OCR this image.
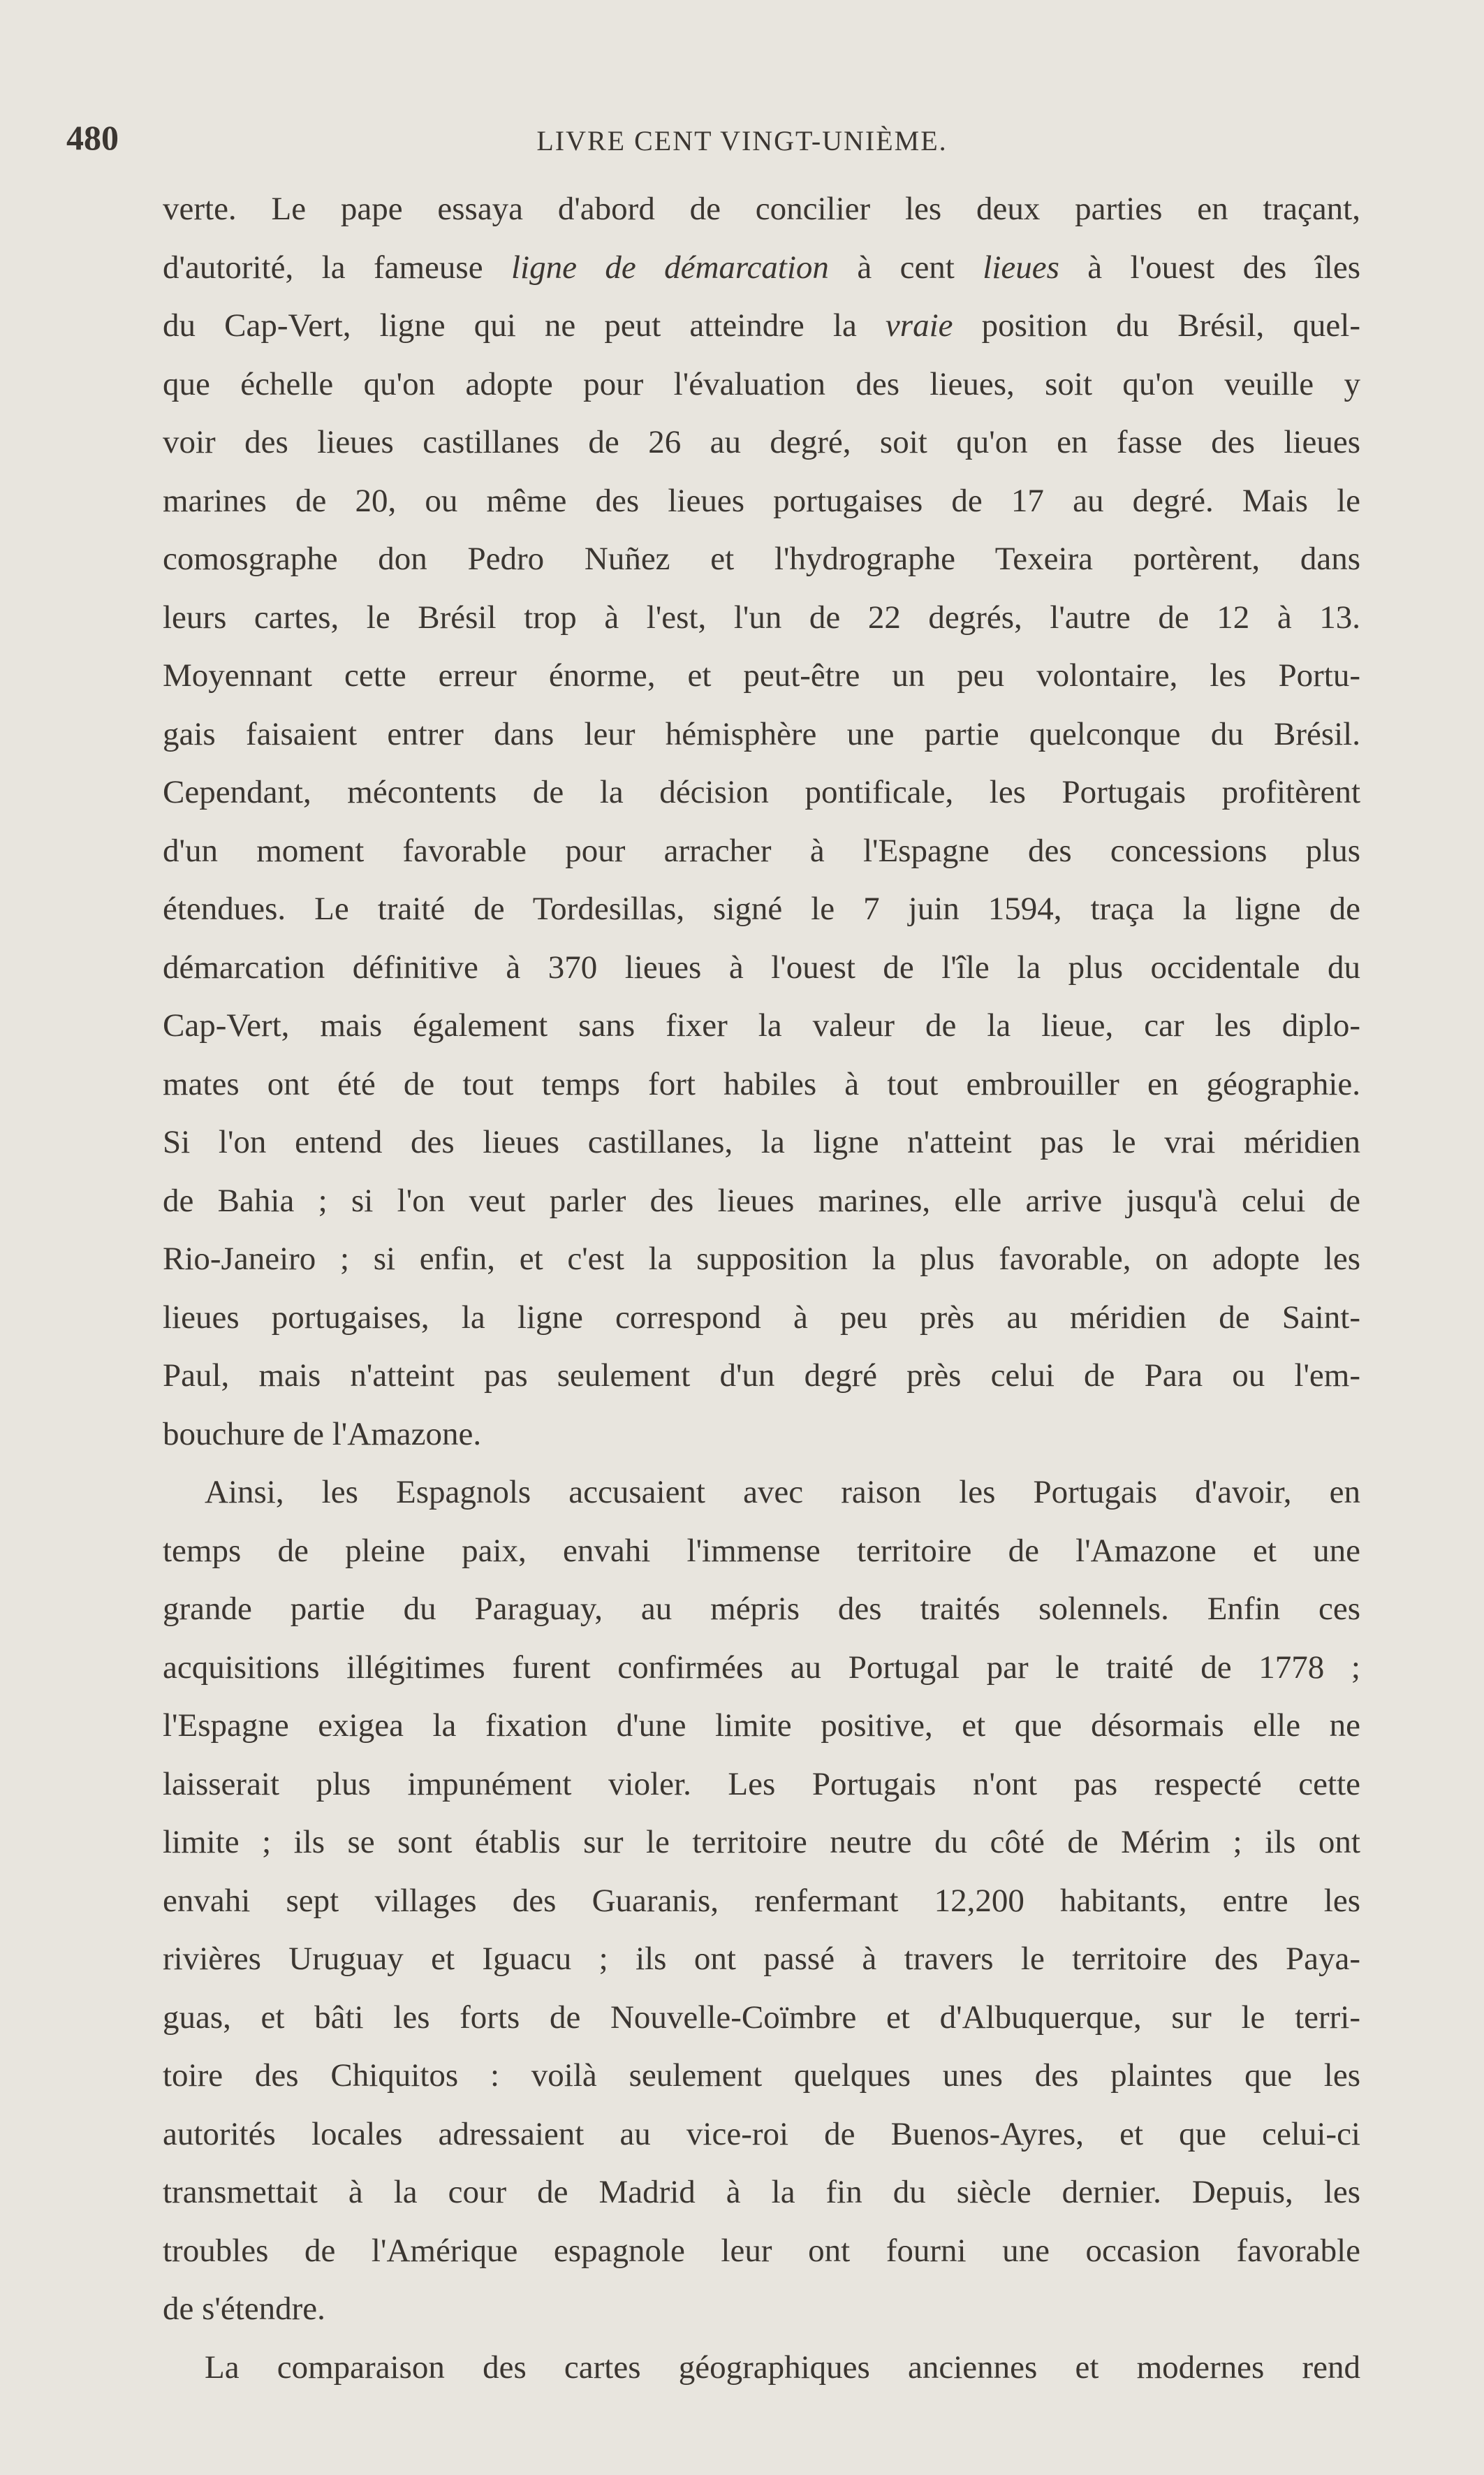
480	LIVRE CENT VINGT-UNIÈME.
verte. Le pape essaya d'abord de concilier les deux parties en traçant,
d'autorité, la fameuse ligne de démarcation à cent lieues à l'ouest des îles
du Cap-Vert, ligne qui ne peut atteindre la vraie position du Brésil, quel-
que échelle qu'on adopte pour l'évaluation des lieues, soit qu'on veuille y
voir des lieues castillanes de 26 au degré, soit qu'on en fasse des lieues
marines de 20, ou même des lieues portugaises de 17 au degré. Mais le
comosgraphe don Pedro Nuñez et l'hydrographe Texeira portèrent, dans
leurs cartes, le Brésil trop à l'est, l'un de 22 degrés, l'autre de 12 à 13.
Moyennant cette erreur énorme, et peut-être un peu volontaire, les Portu-
gais faisaient entrer dans leur hémisphère une partie quelconque du Brésil.
Cependant, mécontents de la décision pontificale, les Portugais profitèrent
d'un moment favorable pour arracher à l'Espagne des concessions plus
étendues. Le traité de Tordesillas, signé le 7 juin 1594, traça la ligne de
démarcation définitive à 370 lieues à l'ouest de l'île la plus occidentale du
Cap-Vert, mais également sans fixer la valeur de la lieue, car les diplo-
mates ont été de tout temps fort habiles à tout embrouiller en géographie.
Si l'on entend des lieues castillanes, la ligne n'atteint pas le vrai méridien
de Bahia ; si l'on veut parler des lieues marines, elle arrive jusqu'à celui de
Rio-Janeiro ; si enfin, et c'est la supposition la plus favorable, on adopte les
lieues portugaises, la ligne correspond à peu près au méridien de Saint-
Paul, mais n'atteint pas seulement d'un degré près celui de Para ou l'em-
bouchure de l'Amazone.
Ainsi, les Espagnols accusaient avec raison les Portugais d'avoir, en
temps de pleine paix, envahi l'immense territoire de l'Amazone et une
grande partie du Paraguay, au mépris des traités solennels. Enfin ces
acquisitions illégitimes furent confirmées au Portugal par le traité de 1778 ;
l'Espagne exigea la fixation d'une limite positive, et que désormais elle ne
laisserait plus impunément violer. Les Portugais n'ont pas respecté cette
limite ; ils se sont établis sur le territoire neutre du côté de Mérim ; ils ont
envahi sept villages des Guaranis, renfermant 12,200 habitants, entre les
rivières Uruguay et Iguacu ; ils ont passé à travers le territoire des Paya-
guas, et bâti les forts de Nouvelle-Coïmbre et d'Albuquerque, sur le terri-
toire des Chiquitos : voilà seulement quelques unes des plaintes que les
autorités locales adressaient au vice-roi de Buenos-Ayres, et que celui-ci
transmettait à la cour de Madrid à la fin du siècle dernier. Depuis, les
troubles de l'Amérique espagnole leur ont fourni une occasion favorable
de s'étendre.
La comparaison des cartes géographiques anciennes et modernes rend
